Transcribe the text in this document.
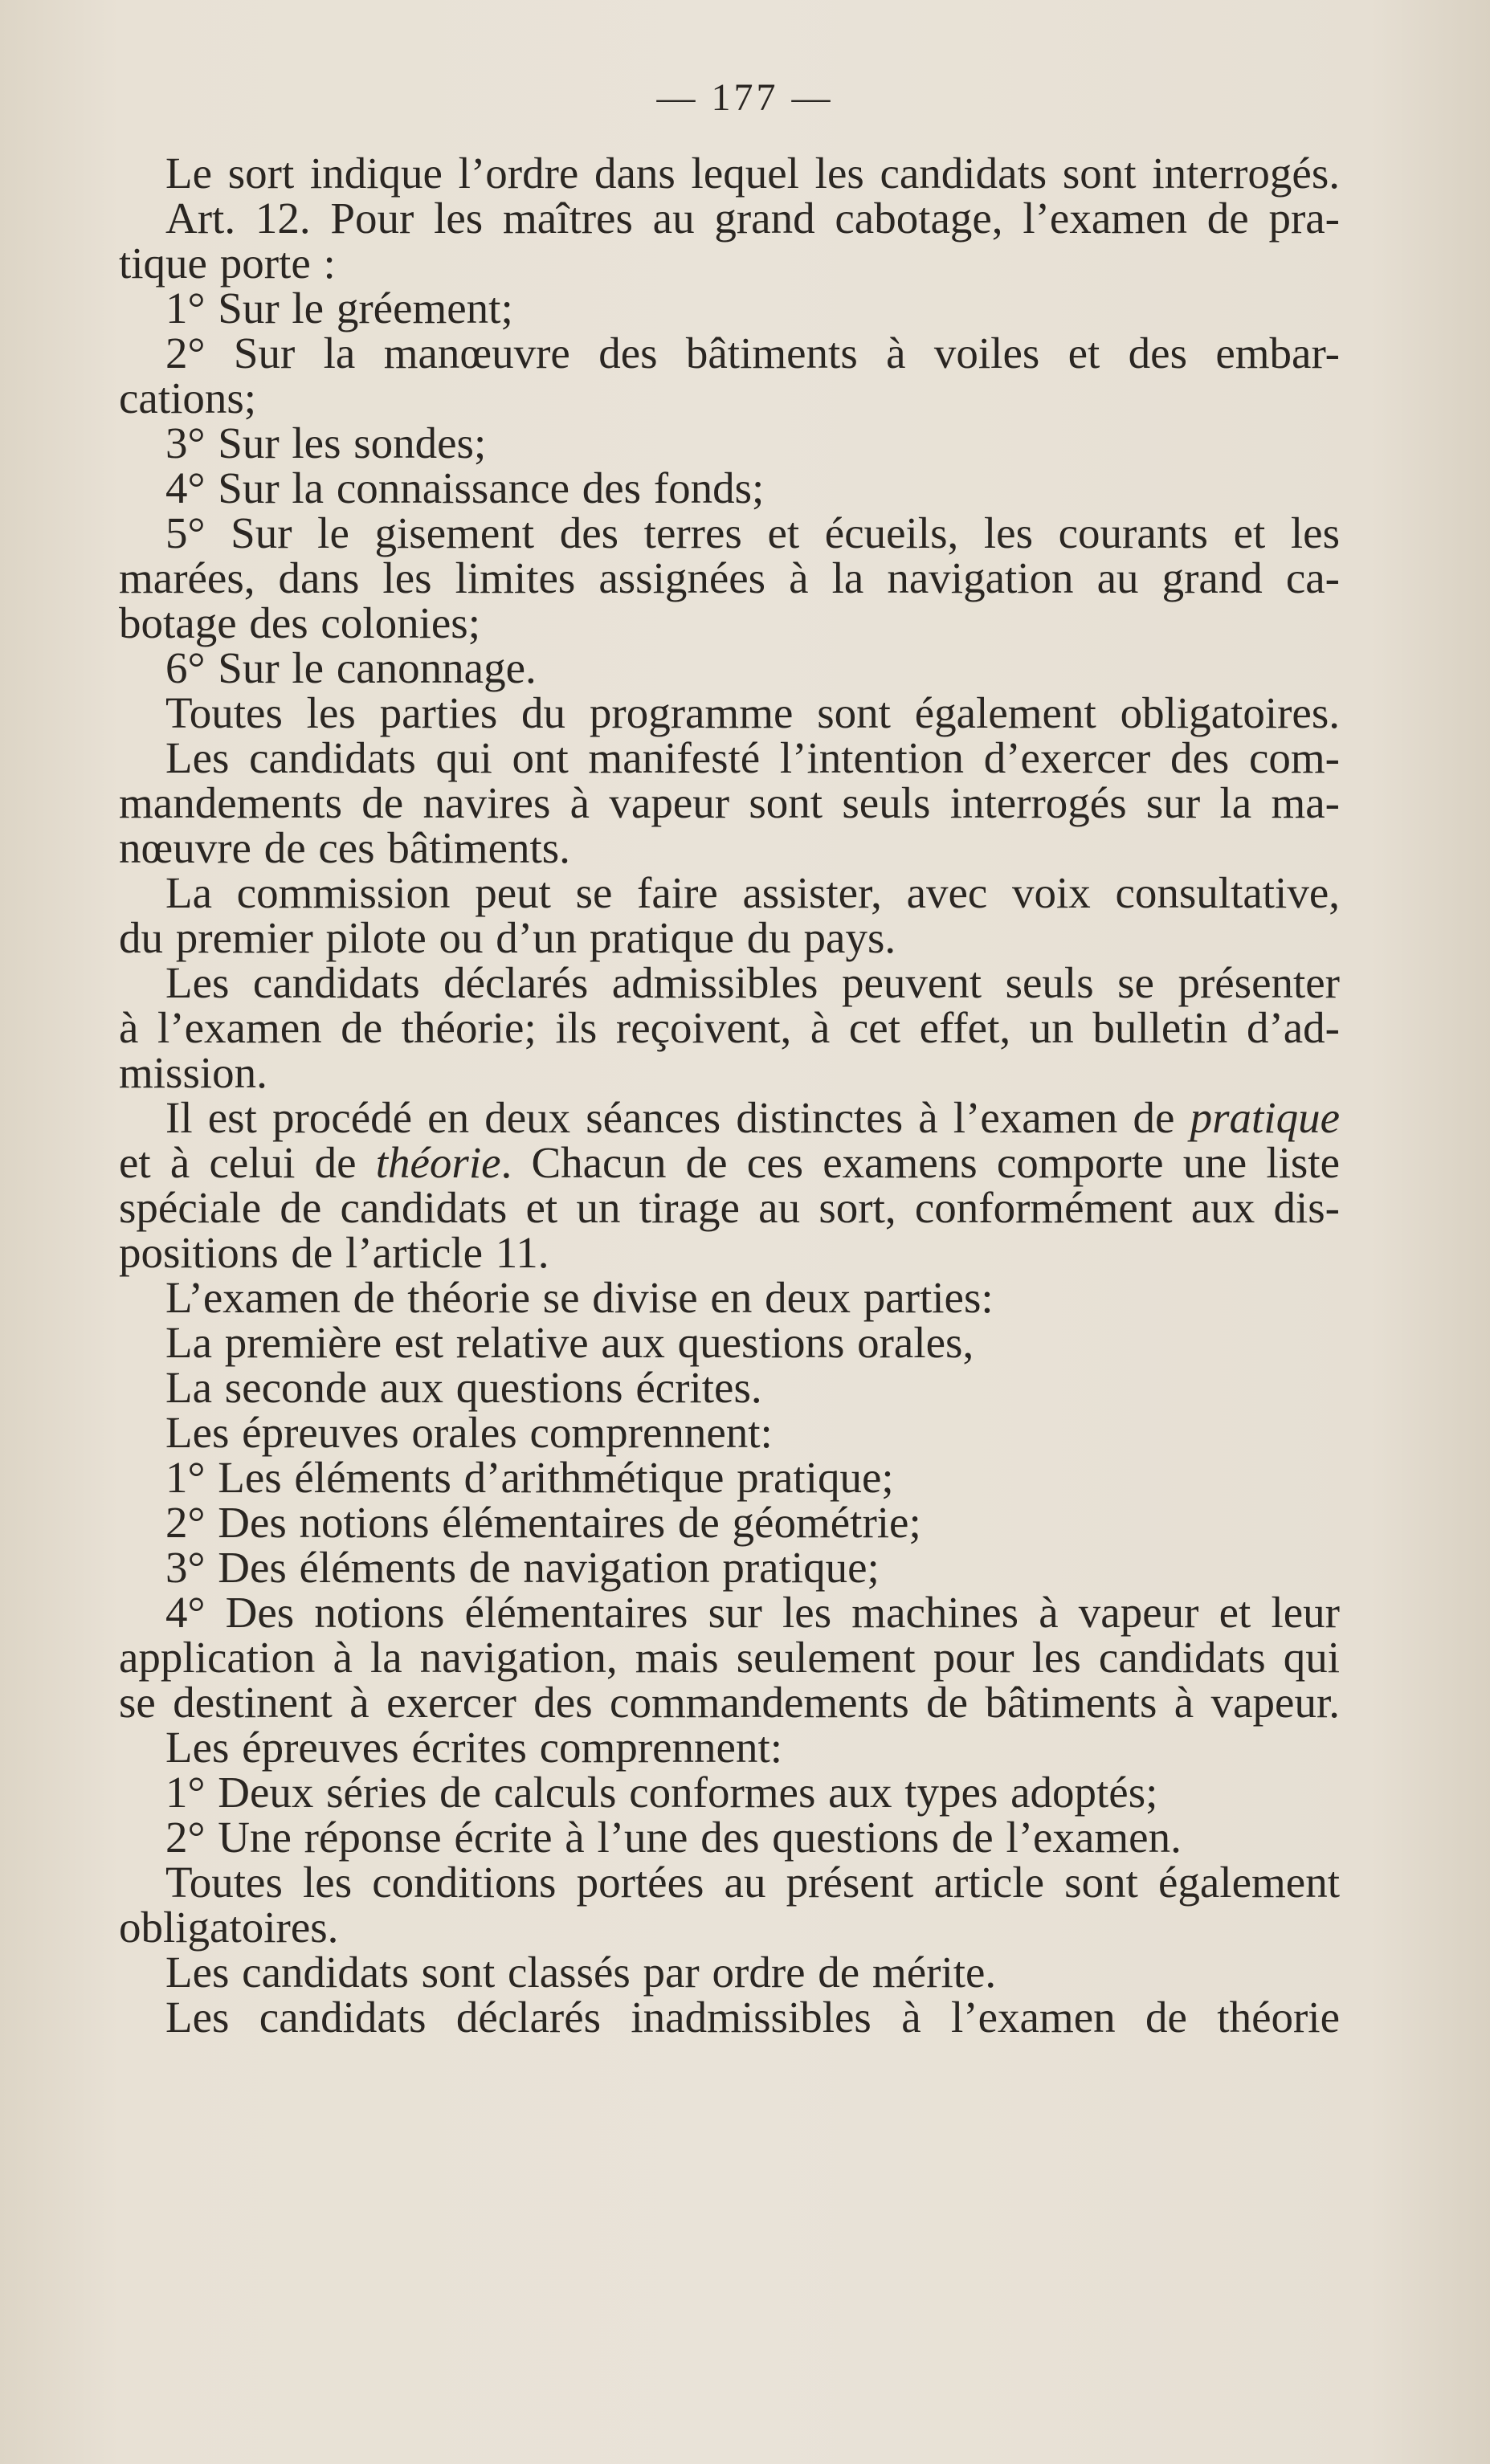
— 177 —
Le sort indique l’ordre dans lequel les candidats sont interrogés.
Art. 12. Pour les maîtres au grand cabotage, l’examen de pra-
tique porte :
1° Sur le gréement;
2° Sur la manœuvre des bâtiments à voiles et des embar-
cations;
3° Sur les sondes;
4° Sur la connaissance des fonds;
5° Sur le gisement des terres et écueils, les courants et les
marées, dans les limites assignées à la navigation au grand ca-
botage des colonies;
6° Sur le canonnage.
Toutes les parties du programme sont également obligatoires.
Les candidats qui ont manifesté l’intention d’exercer des com-
mandements de navires à vapeur sont seuls interrogés sur la ma-
nœuvre de ces bâtiments.
La commission peut se faire assister, avec voix consultative,
du premier pilote ou d’un pratique du pays.
Les candidats déclarés admissibles peuvent seuls se présenter
à l’examen de théorie; ils reçoivent, à cet effet, un bulletin d’ad-
mission.
Il est procédé en deux séances distinctes à l’examen de pratique
et à celui de théorie. Chacun de ces examens comporte une liste
spéciale de candidats et un tirage au sort, conformément aux dis-
positions de l’article 11.
L’examen de théorie se divise en deux parties:
La première est relative aux questions orales,
La seconde aux questions écrites.
Les épreuves orales comprennent:
1° Les éléments d’arithmétique pratique;
2° Des notions élémentaires de géométrie;
3° Des éléments de navigation pratique;
4° Des notions élémentaires sur les machines à vapeur et leur
application à la navigation, mais seulement pour les candidats qui
se destinent à exercer des commandements de bâtiments à vapeur.
Les épreuves écrites comprennent:
1° Deux séries de calculs conformes aux types adoptés;
2° Une réponse écrite à l’une des questions de l’examen.
Toutes les conditions portées au présent article sont également
obligatoires.
Les candidats sont classés par ordre de mérite.
Les candidats déclarés inadmissibles à l’examen de théorie
